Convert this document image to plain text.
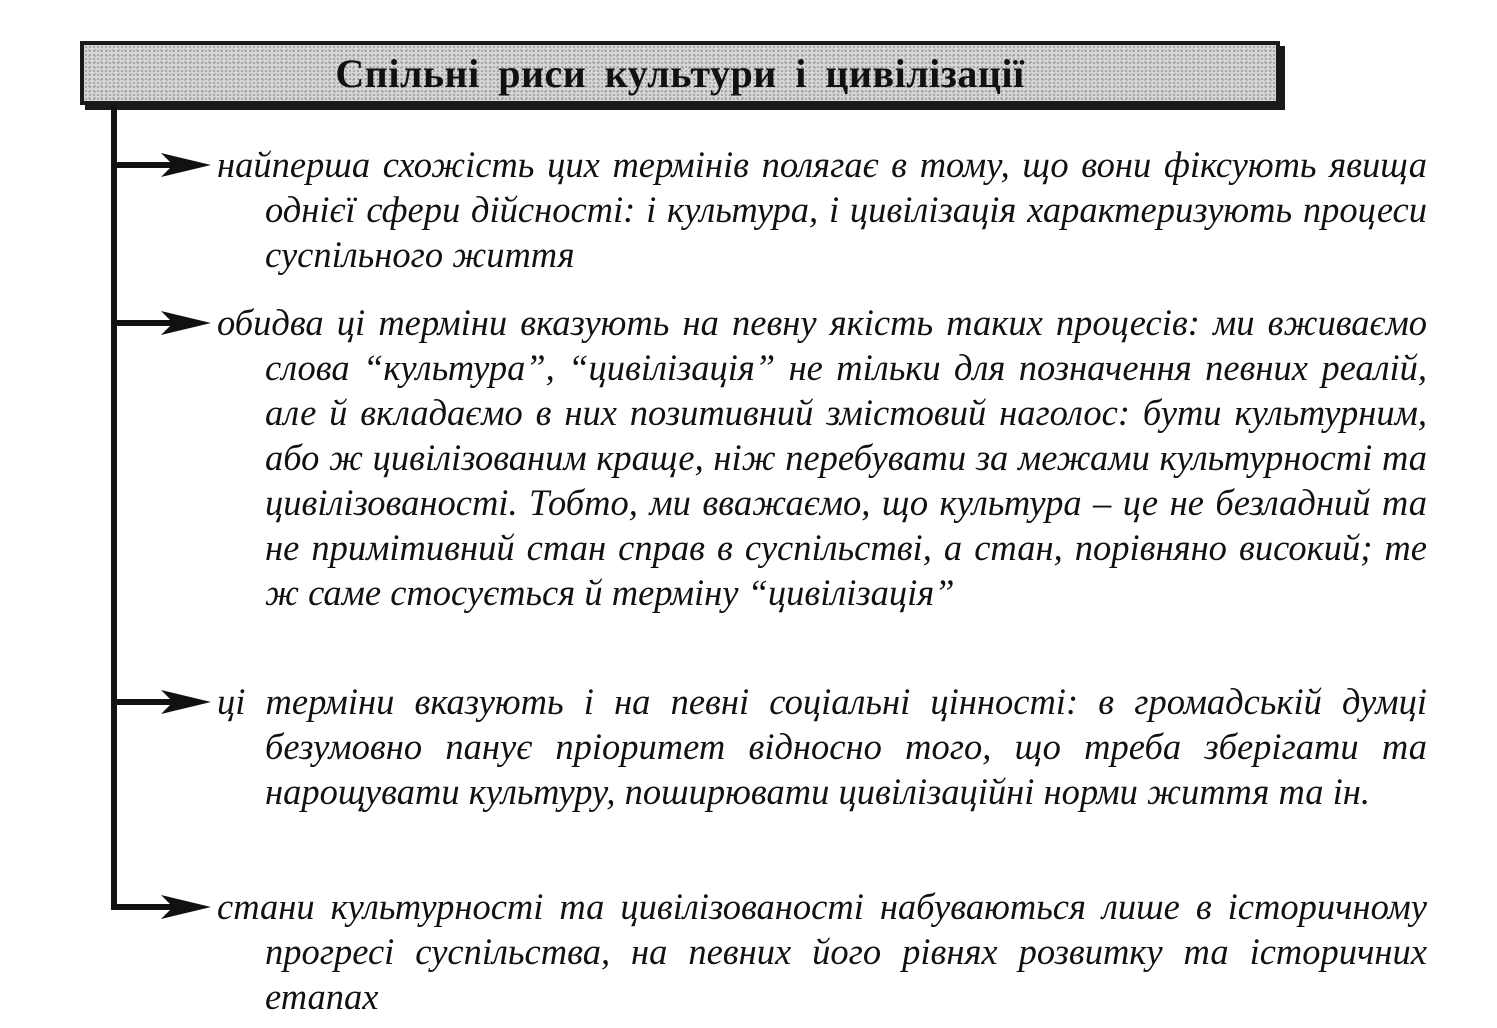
Спільні риси культури і цивілізації
найперша схожість цих термінів полягає в тому, що вони фіксують явища однієї сфери дійсності: і культура, і цивілізація характеризують процеси суспільного життя
обидва ці терміни вказують на певну якість таких процесів: ми вживаємо слова “культура”, “цивілізація” не тільки для позначення певних реалій, але й вкладаємо в них позитивний змістовий наголос: бути культурним, або ж цивілізованим краще, ніж перебувати за межами культурності та цивілізованості. Тобто, ми вважаємо, що культура – це не безладний та не примітивний стан справ в суспільстві, а стан, порівняно високий; те ж саме стосується й терміну “цивілізація”
ці терміни вказують і на певні соціальні цінності: в громадській думці безумовно панує пріоритет відносно того, що треба зберігати та нарощувати культуру, поширювати цивілізаційні норми життя та ін.
стани культурності та цивілізованості набуваються лише в історичному прогресі суспільства, на певних його рівнях розвитку та історичних етапах
